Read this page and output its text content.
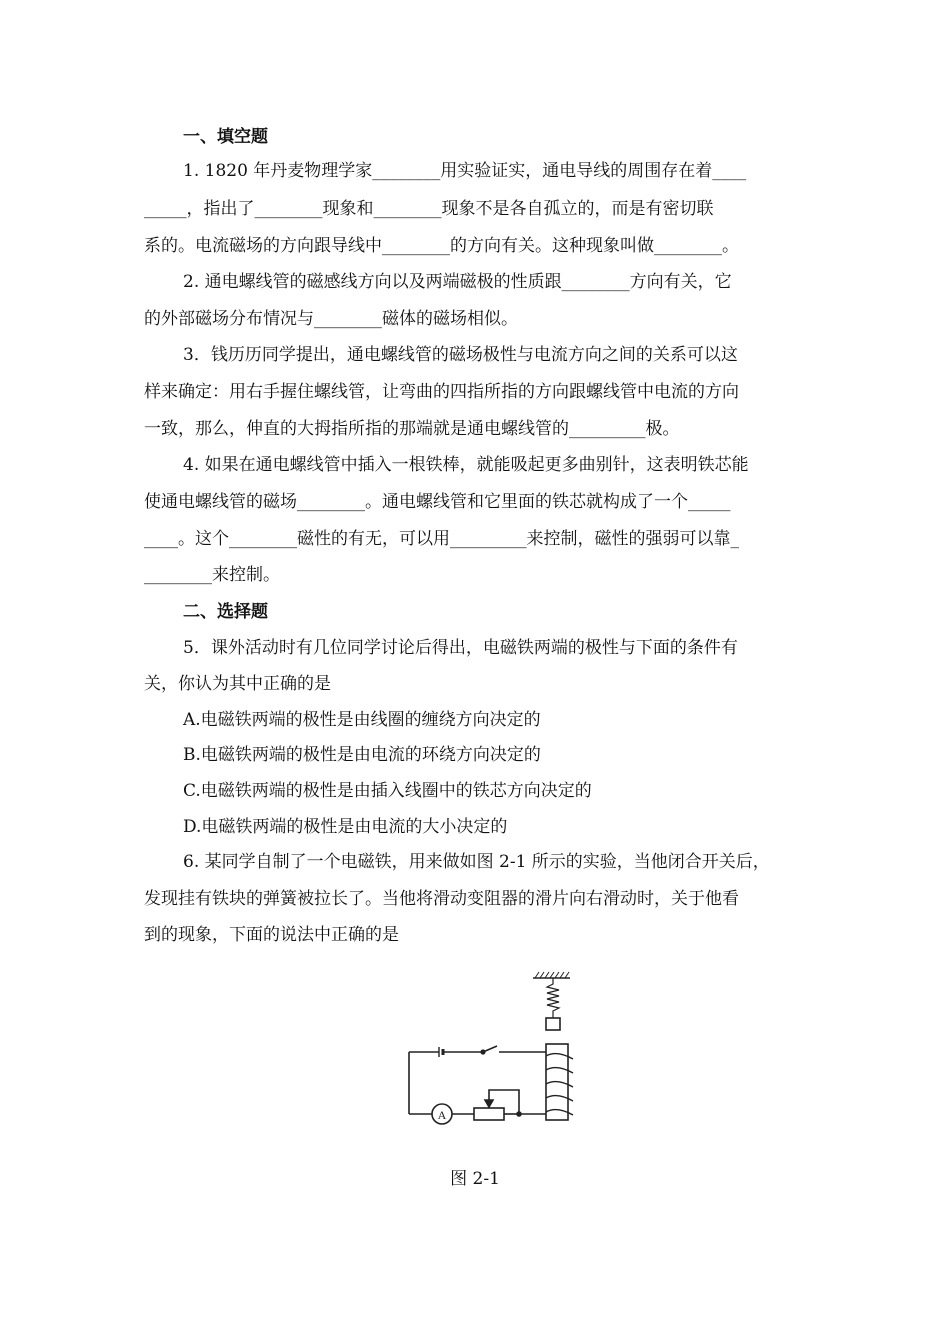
一、填空题
1. 1820 年丹麦物理学家________用实验证实，通电导线的周围存在着____
_____，指出了________现象和________现象不是各自孤立的，而是有密切联
系的。电流磁场的方向跟导线中________的方向有关。这种现象叫做________。
2. 通电螺线管的磁感线方向以及两端磁极的性质跟________方向有关，它
的外部磁场分布情况与________磁体的磁场相似。
3．钱历历同学提出，通电螺线管的磁场极性与电流方向之间的关系可以这
样来确定：用右手握住螺线管，让弯曲的四指所指的方向跟螺线管中电流的方向
一致，那么，伸直的大拇指所指的那端就是通电螺线管的_________极。
4. 如果在通电螺线管中插入一根铁棒，就能吸起更多曲别针，这表明铁芯能
使通电螺线管的磁场________。通电螺线管和它里面的铁芯就构成了一个_____
____。这个________磁性的有无，可以用_________来控制，磁性的强弱可以靠_
________来控制。
二、选择题
5．课外活动时有几位同学讨论后得出，电磁铁两端的极性与下面的条件有
关，你认为其中正确的是
A.电磁铁两端的极性是由线圈的缠绕方向决定的
B.电磁铁两端的极性是由电流的环绕方向决定的
C.电磁铁两端的极性是由插入线圈中的铁芯方向决定的
D.电磁铁两端的极性是由电流的大小决定的
6. 某同学自制了一个电磁铁，用来做如图 2-1 所示的实验，当他闭合开关后，
发现挂有铁块的弹簧被拉长了。当他将滑动变阻器的滑片向右滑动时，关于他看
到的现象，下面的说法中正确的是
A
图 2-1
